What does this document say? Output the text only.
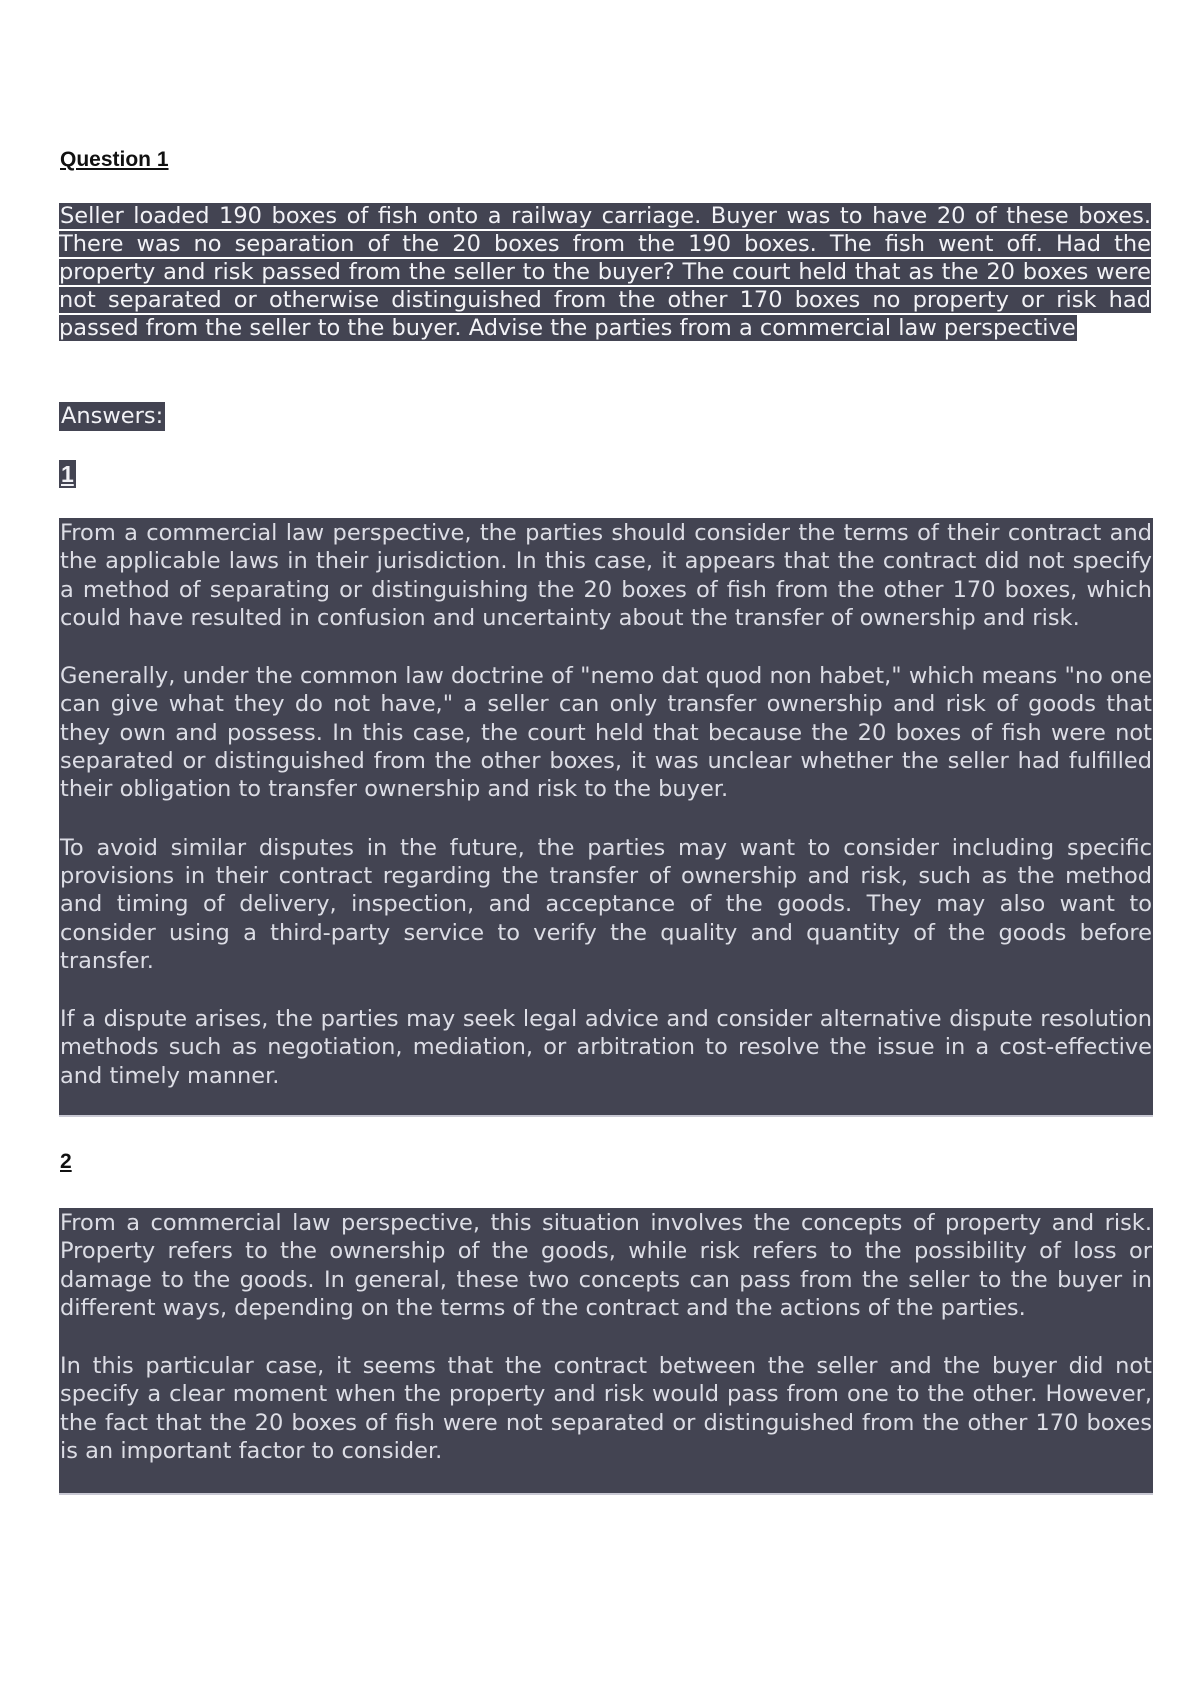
Question 1

Seller loaded 190 boxes of fish onto a railway carriage. Buyer was to have 20 of these boxes. There was no separation of the 20 boxes from the 190 boxes. The fish went off. Had the property and risk passed from the seller to the buyer? The court held that as the 20 boxes were not separated or otherwise distinguished from the other 170 boxes no property or risk had passed from the seller to the buyer. Advise the parties from a commercial law perspective

Answers:

1

From a commercial law perspective, the parties should consider the terms of their contract and the applicable laws in their jurisdiction. In this case, it appears that the contract did not specify a method of separating or distinguishing the 20 boxes of fish from the other 170 boxes, which could have resulted in confusion and uncertainty about the transfer of ownership and risk.

Generally, under the common law doctrine of "nemo dat quod non habet," which means "no one can give what they do not have," a seller can only transfer ownership and risk of goods that they own and possess. In this case, the court held that because the 20 boxes of fish were not separated or distinguished from the other boxes, it was unclear whether the seller had fulfilled their obligation to transfer ownership and risk to the buyer.

To avoid similar disputes in the future, the parties may want to consider including specific provisions in their contract regarding the transfer of ownership and risk, such as the method and timing of delivery, inspection, and acceptance of the goods. They may also want to consider using a third-party service to verify the quality and quantity of the goods before transfer.

If a dispute arises, the parties may seek legal advice and consider alternative dispute resolution methods such as negotiation, mediation, or arbitration to resolve the issue in a cost-effective and timely manner.

2

From a commercial law perspective, this situation involves the concepts of property and risk. Property refers to the ownership of the goods, while risk refers to the possibility of loss or damage to the goods. In general, these two concepts can pass from the seller to the buyer in different ways, depending on the terms of the contract and the actions of the parties.

In this particular case, it seems that the contract between the seller and the buyer did not specify a clear moment when the property and risk would pass from one to the other. However, the fact that the 20 boxes of fish were not separated or distinguished from the other 170 boxes is an important factor to consider.
